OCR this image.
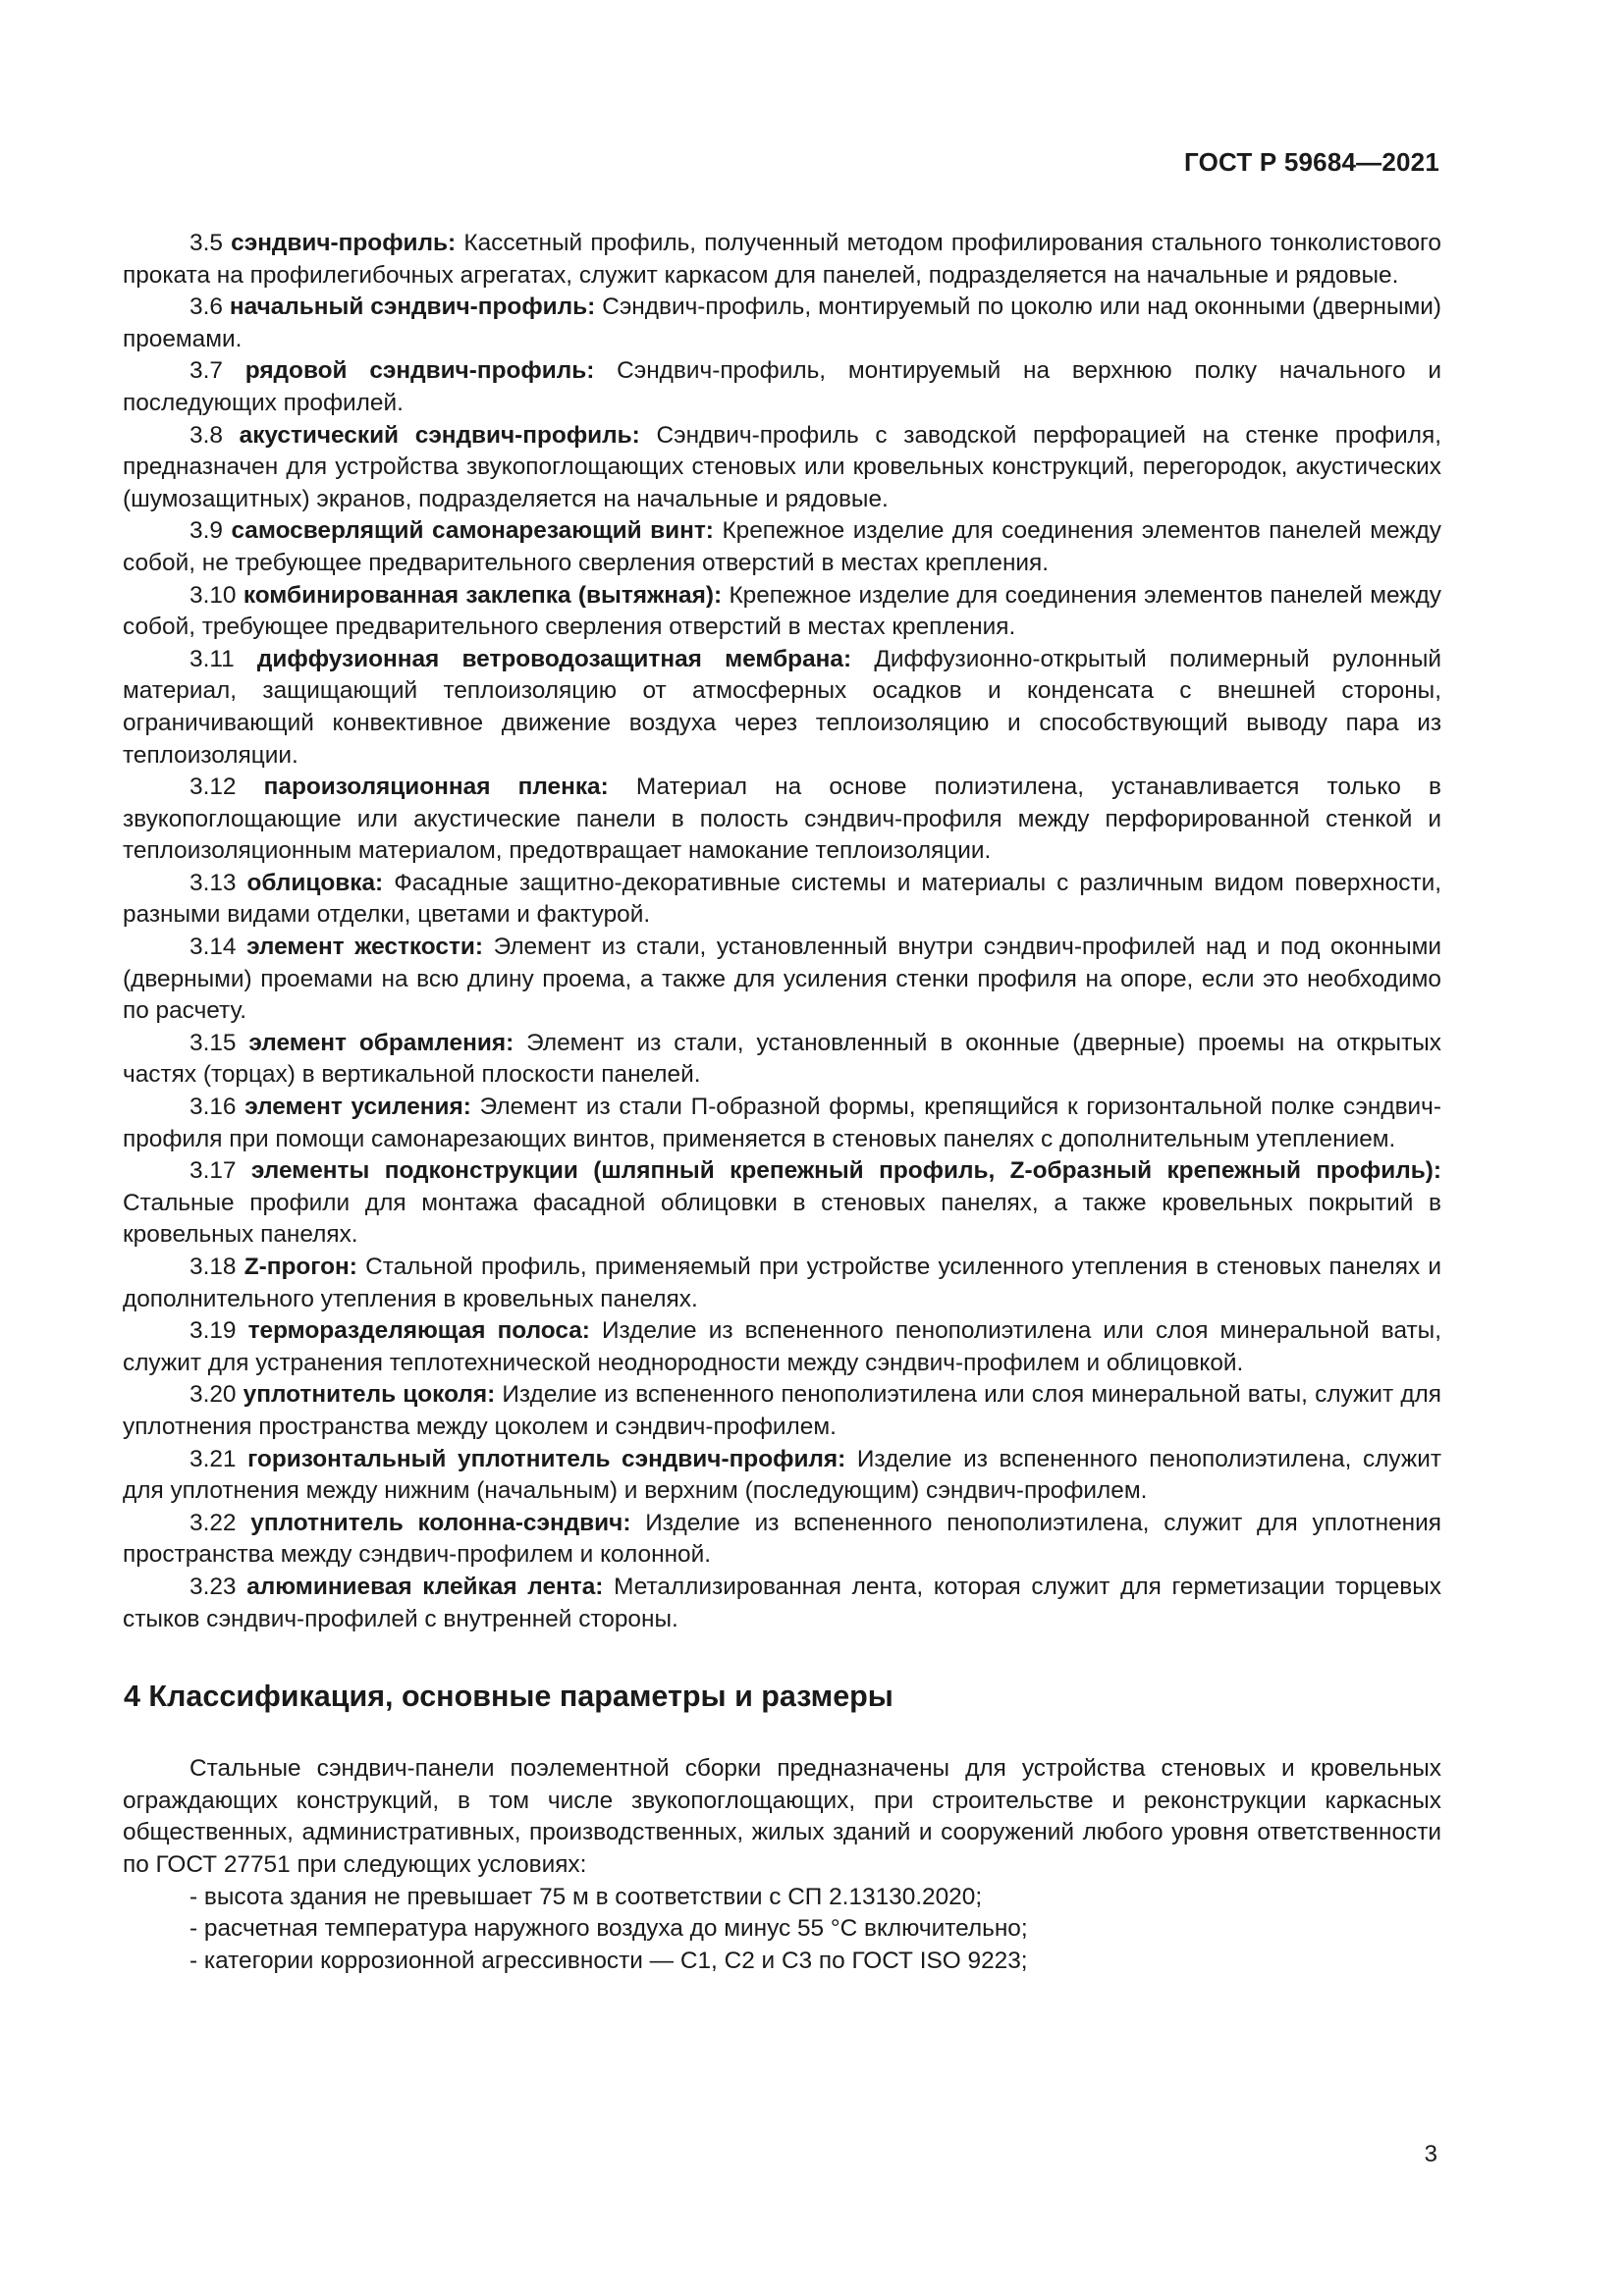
ГОСТ Р 59684—2021

3.5 сэндвич-профиль: Кассетный профиль, полученный методом профилирования стального тонколистового проката на профилегибочных агрегатах, служит каркасом для панелей, подразделяется на начальные и рядовые.

3.6 начальный сэндвич-профиль: Сэндвич-профиль, монтируемый по цоколю или над оконными (дверными) проемами.

3.7 рядовой сэндвич-профиль: Сэндвич-профиль, монтируемый на верхнюю полку начального и последующих профилей.

3.8 акустический сэндвич-профиль: Сэндвич-профиль с заводской перфорацией на стенке профиля, предназначен для устройства звукопоглощающих стеновых или кровельных конструкций, перегородок, акустических (шумозащитных) экранов, подразделяется на начальные и рядовые.

3.9 самосверлящий самонарезающий винт: Крепежное изделие для соединения элементов панелей между собой, не требующее предварительного сверления отверстий в местах крепления.

3.10 комбинированная заклепка (вытяжная): Крепежное изделие для соединения элементов панелей между собой, требующее предварительного сверления отверстий в местах крепления.

3.11 диффузионная ветроводозащитная мембрана: Диффузионно-открытый полимерный рулонный материал, защищающий теплоизоляцию от атмосферных осадков и конденсата с внешней стороны, ограничивающий конвективное движение воздуха через теплоизоляцию и способствующий выводу пара из теплоизоляции.

3.12 пароизоляционная пленка: Материал на основе полиэтилена, устанавливается только в звукопоглощающие или акустические панели в полость сэндвич-профиля между перфорированной стенкой и теплоизоляционным материалом, предотвращает намокание теплоизоляции.

3.13 облицовка: Фасадные защитно-декоративные системы и материалы с различным видом поверхности, разными видами отделки, цветами и фактурой.

3.14 элемент жесткости: Элемент из стали, установленный внутри сэндвич-профилей над и под оконными (дверными) проемами на всю длину проема, а также для усиления стенки профиля на опоре, если это необходимо по расчету.

3.15 элемент обрамления: Элемент из стали, установленный в оконные (дверные) проемы на открытых частях (торцах) в вертикальной плоскости панелей.

3.16 элемент усиления: Элемент из стали П-образной формы, крепящийся к горизонтальной полке сэндвич-профиля при помощи самонарезающих винтов, применяется в стеновых панелях с дополнительным утеплением.

3.17 элементы подконструкции (шляпный крепежный профиль, Z-образный крепежный профиль): Стальные профили для монтажа фасадной облицовки в стеновых панелях, а также кровельных покрытий в кровельных панелях.

3.18 Z-прогон: Стальной профиль, применяемый при устройстве усиленного утепления в стеновых панелях и дополнительного утепления в кровельных панелях.

3.19 терморазделяющая полоса: Изделие из вспененного пенополиэтилена или слоя минеральной ваты, служит для устранения теплотехнической неоднородности между сэндвич-профилем и облицовкой.

3.20 уплотнитель цоколя: Изделие из вспененного пенополиэтилена или слоя минеральной ваты, служит для уплотнения пространства между цоколем и сэндвич-профилем.

3.21 горизонтальный уплотнитель сэндвич-профиля: Изделие из вспененного пенополиэтилена, служит для уплотнения между нижним (начальным) и верхним (последующим) сэндвич-профилем.

3.22 уплотнитель колонна-сэндвич: Изделие из вспененного пенополиэтилена, служит для уплотнения пространства между сэндвич-профилем и колонной.

3.23 алюминиевая клейкая лента: Металлизированная лента, которая служит для герметизации торцевых стыков сэндвич-профилей с внутренней стороны.

4 Классификация, основные параметры и размеры

Стальные сэндвич-панели поэлементной сборки предназначены для устройства стеновых и кровельных ограждающих конструкций, в том числе звукопоглощающих, при строительстве и реконструкции каркасных общественных, административных, производственных, жилых зданий и сооружений любого уровня ответственности по ГОСТ 27751 при следующих условиях:

- высота здания не превышает 75 м в соответствии с СП 2.13130.2020;

- расчетная температура наружного воздуха до минус 55 °С включительно;

- категории коррозионной агрессивности — С1, С2 и С3 по ГОСТ ISO 9223;

3
